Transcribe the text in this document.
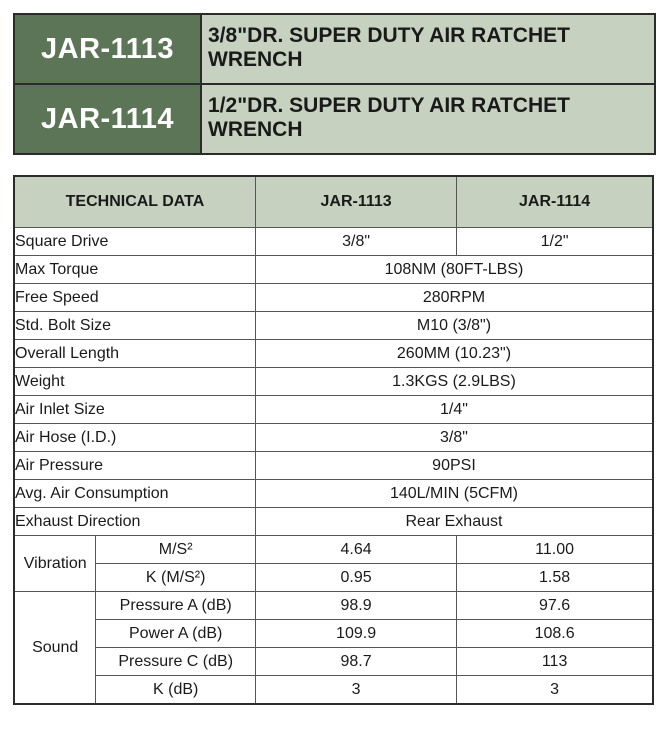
JAR-1113	3/8"DR. SUPER DUTY AIR RATCHET
WRENCH
JAR-1114	1/2"DR. SUPER DUTY AIR RATCHET
WRENCH
TECHNICAL DATA		JAR-1113	JAR-1114
Square Drive		3/8"	1/2"
Max Torque		108NM (80FT-LBS)	
Free Speed		280RPM	
Std. Bolt Size		M10 (3/8")	
Overall Length		260MM (10.23")	
Weight		1.3KGS (2.9LBS)	
Air Inlet Size		1/4"	
Air Hose (I.D.)		3/8"	
Air Pressure		90PSI	
Avg. Air Consumption		140L/MIN (5CFM)	
Exhaust Direction		Rear Exhaust	
Vibration	M/S²	4.64	11.00
	K (M/S²)	0.95	1.58
Sound	Pressure A (dB)	98.9	97.6
	Power A (dB)	109.9	108.6
	Pressure C (dB)	98.7	113
	K (dB)	3	3
